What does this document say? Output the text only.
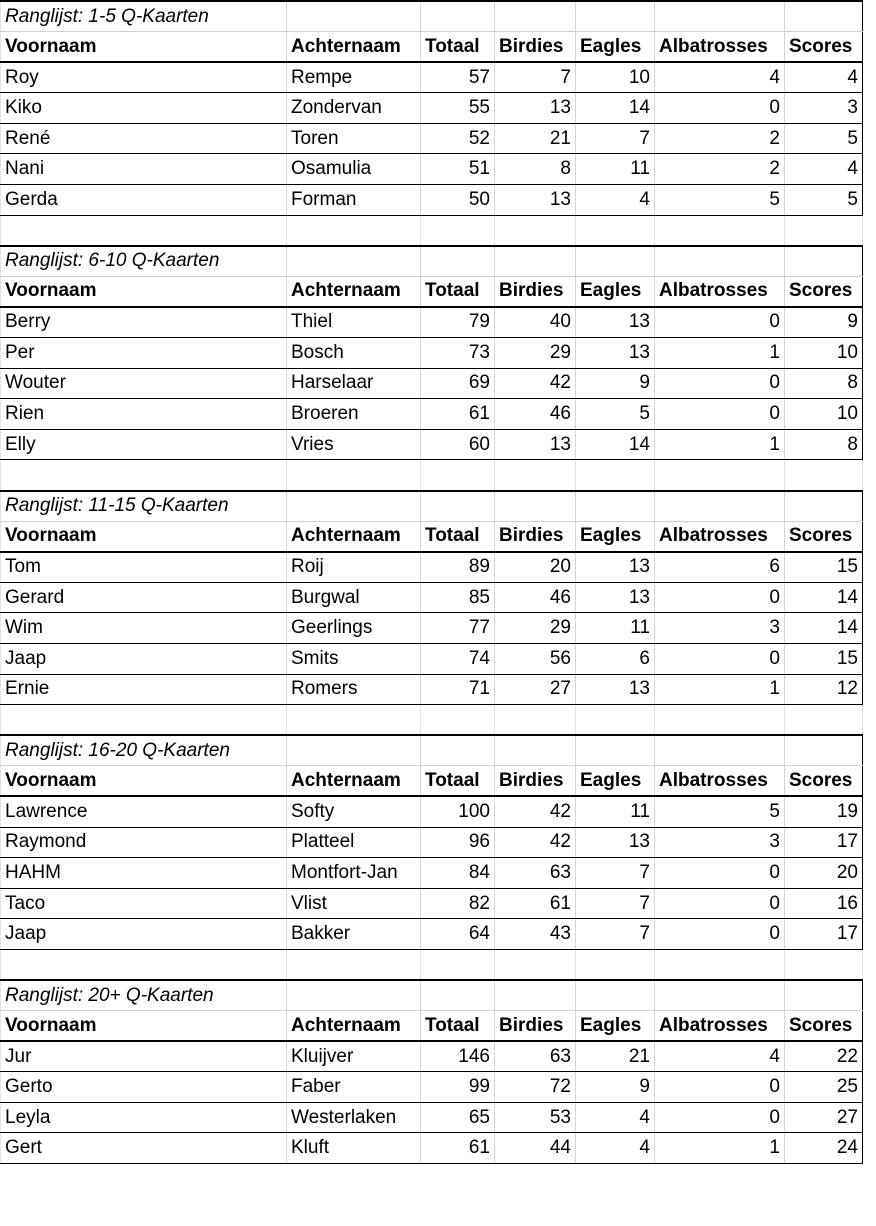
Ranglijst: 1-5 Q-Kaarten						
Voornaam	Achternaam	Totaal	Birdies	Eagles	Albatrosses	Scores
Roy	Rempe	57	7	10	4	4
Kiko	Zondervan	55	13	14	0	3
René	Toren	52	21	7	2	5
Nani	Osamulia	51	8	11	2	4
Gerda	Forman	50	13	4	5	5

Ranglijst: 6-10 Q-Kaarten						
Voornaam	Achternaam	Totaal	Birdies	Eagles	Albatrosses	Scores
Berry	Thiel	79	40	13	0	9
Per	Bosch	73	29	13	1	10
Wouter	Harselaar	69	42	9	0	8
Rien	Broeren	61	46	5	0	10
Elly	Vries	60	13	14	1	8

Ranglijst: 11-15 Q-Kaarten						
Voornaam	Achternaam	Totaal	Birdies	Eagles	Albatrosses	Scores
Tom	Roij	89	20	13	6	15
Gerard	Burgwal	85	46	13	0	14
Wim	Geerlings	77	29	11	3	14
Jaap	Smits	74	56	6	0	15
Ernie	Romers	71	27	13	1	12

Ranglijst: 16-20 Q-Kaarten						
Voornaam	Achternaam	Totaal	Birdies	Eagles	Albatrosses	Scores
Lawrence	Softy	100	42	11	5	19
Raymond	Platteel	96	42	13	3	17
HAHM	Montfort-Jan	84	63	7	0	20
Taco	Vlist	82	61	7	0	16
Jaap	Bakker	64	43	7	0	17

Ranglijst: 20+ Q-Kaarten						
Voornaam	Achternaam	Totaal	Birdies	Eagles	Albatrosses	Scores
Jur	Kluijver	146	63	21	4	22
Gerto	Faber	99	72	9	0	25
Leyla	Westerlaken	65	53	4	0	27
Gert	Kluft	61	44	4	1	24
